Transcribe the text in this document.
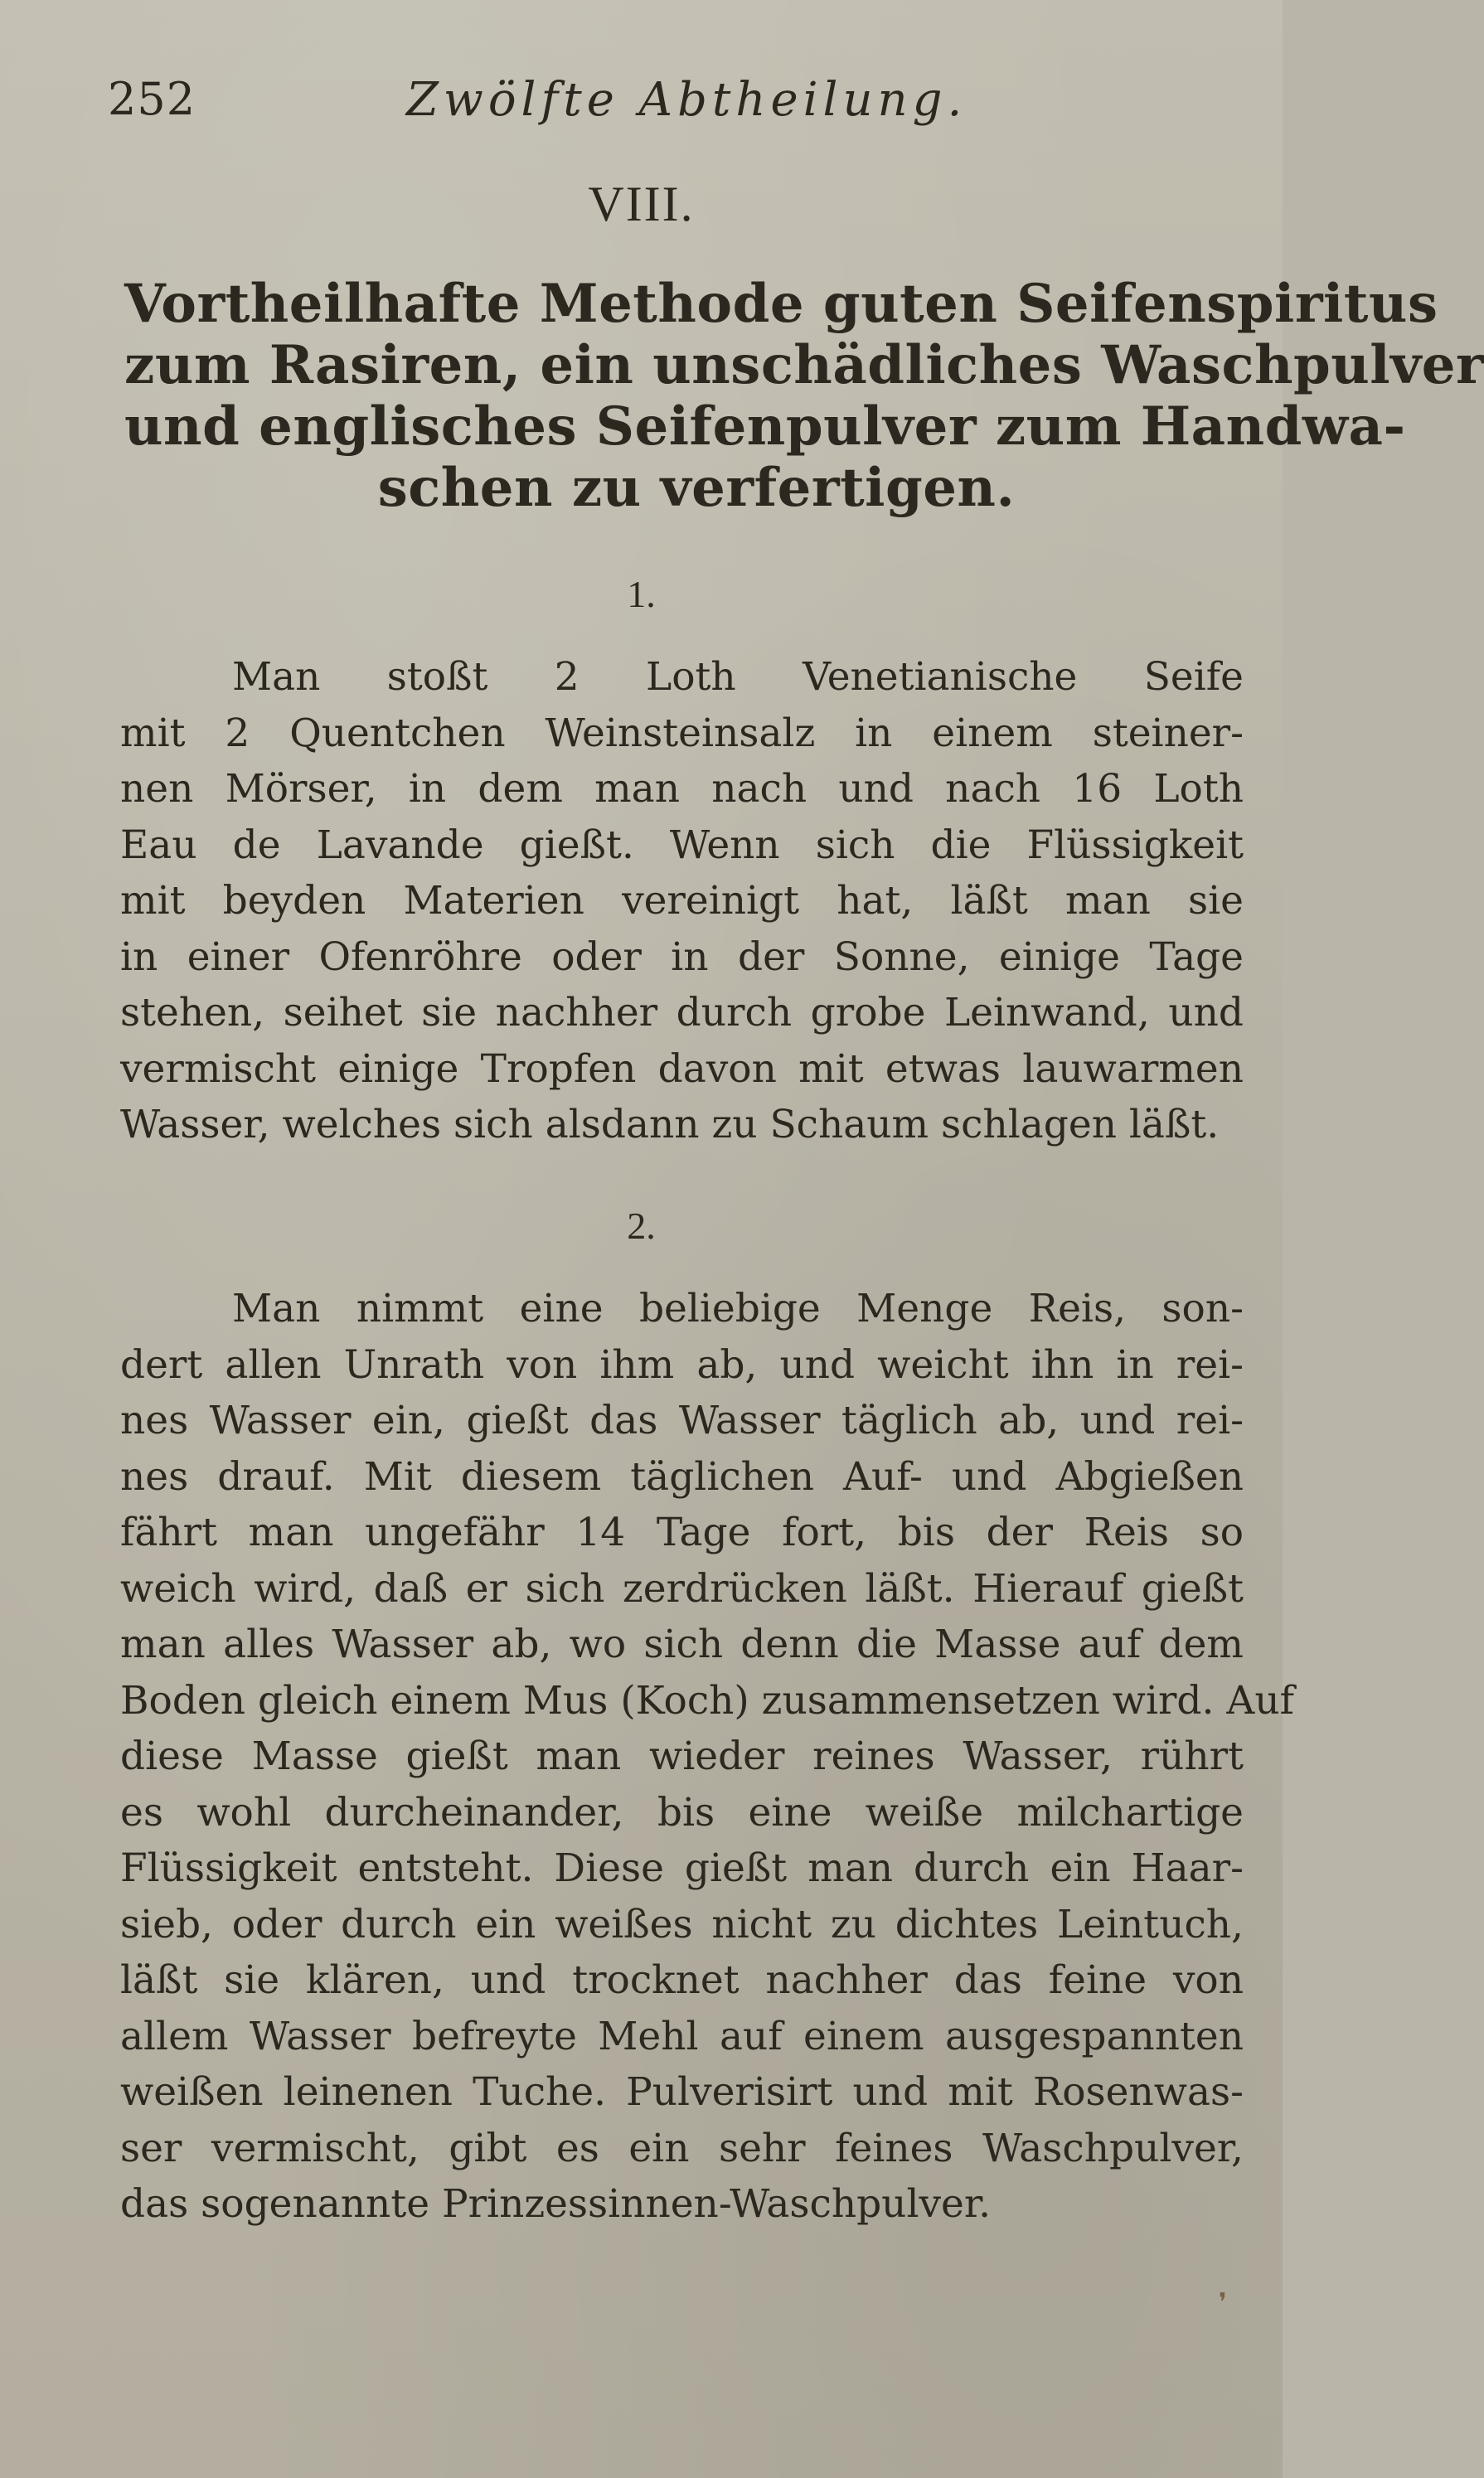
252	Zwölfte Abtheilung.
VIII.
Vortheilhafte Methode guten Seifenspiritus
zum Rasiren, ein unschädliches Waschpulver
und englisches Seifenpulver zum Handwa-
schen zu verfertigen.
1.
Man stoßt 2 Loth Venetianische Seife
mit 2 Quentchen Weinsteinsalz in einem steiner-
nen Mörser, in dem man nach und nach 16 Loth
Eau de Lavande gießt. Wenn sich die Flüssigkeit
mit beyden Materien vereinigt hat, läßt man sie
in einer Ofenröhre oder in der Sonne, einige Tage
stehen, seihet sie nachher durch grobe Leinwand, und
vermischt einige Tropfen davon mit etwas lauwarmen
Wasser, welches sich alsdann zu Schaum schlagen läßt.
2.
Man nimmt eine beliebige Menge Reis, son-
dert allen Unrath von ihm ab, und weicht ihn in rei-
nes Wasser ein, gießt das Wasser täglich ab, und rei-
nes drauf. Mit diesem täglichen Auf- und Abgießen
fährt man ungefähr 14 Tage fort, bis der Reis so
weich wird, daß er sich zerdrücken läßt. Hierauf gießt
man alles Wasser ab, wo sich denn die Masse auf dem
Boden gleich einem Mus (Koch) zusammensetzen wird. Auf
diese Masse gießt man wieder reines Wasser, rührt
es wohl durcheinander, bis eine weiße milchartige
Flüssigkeit entsteht. Diese gießt man durch ein Haar-
sieb, oder durch ein weißes nicht zu dichtes Leintuch,
läßt sie klären, und trocknet nachher das feine von
allem Wasser befreyte Mehl auf einem ausgespannten
weißen leinenen Tuche. Pulverisirt und mit Rosenwas-
ser vermischt, gibt es ein sehr feines Waschpulver,
das sogenannte Prinzessinnen-Waschpulver.
❜
